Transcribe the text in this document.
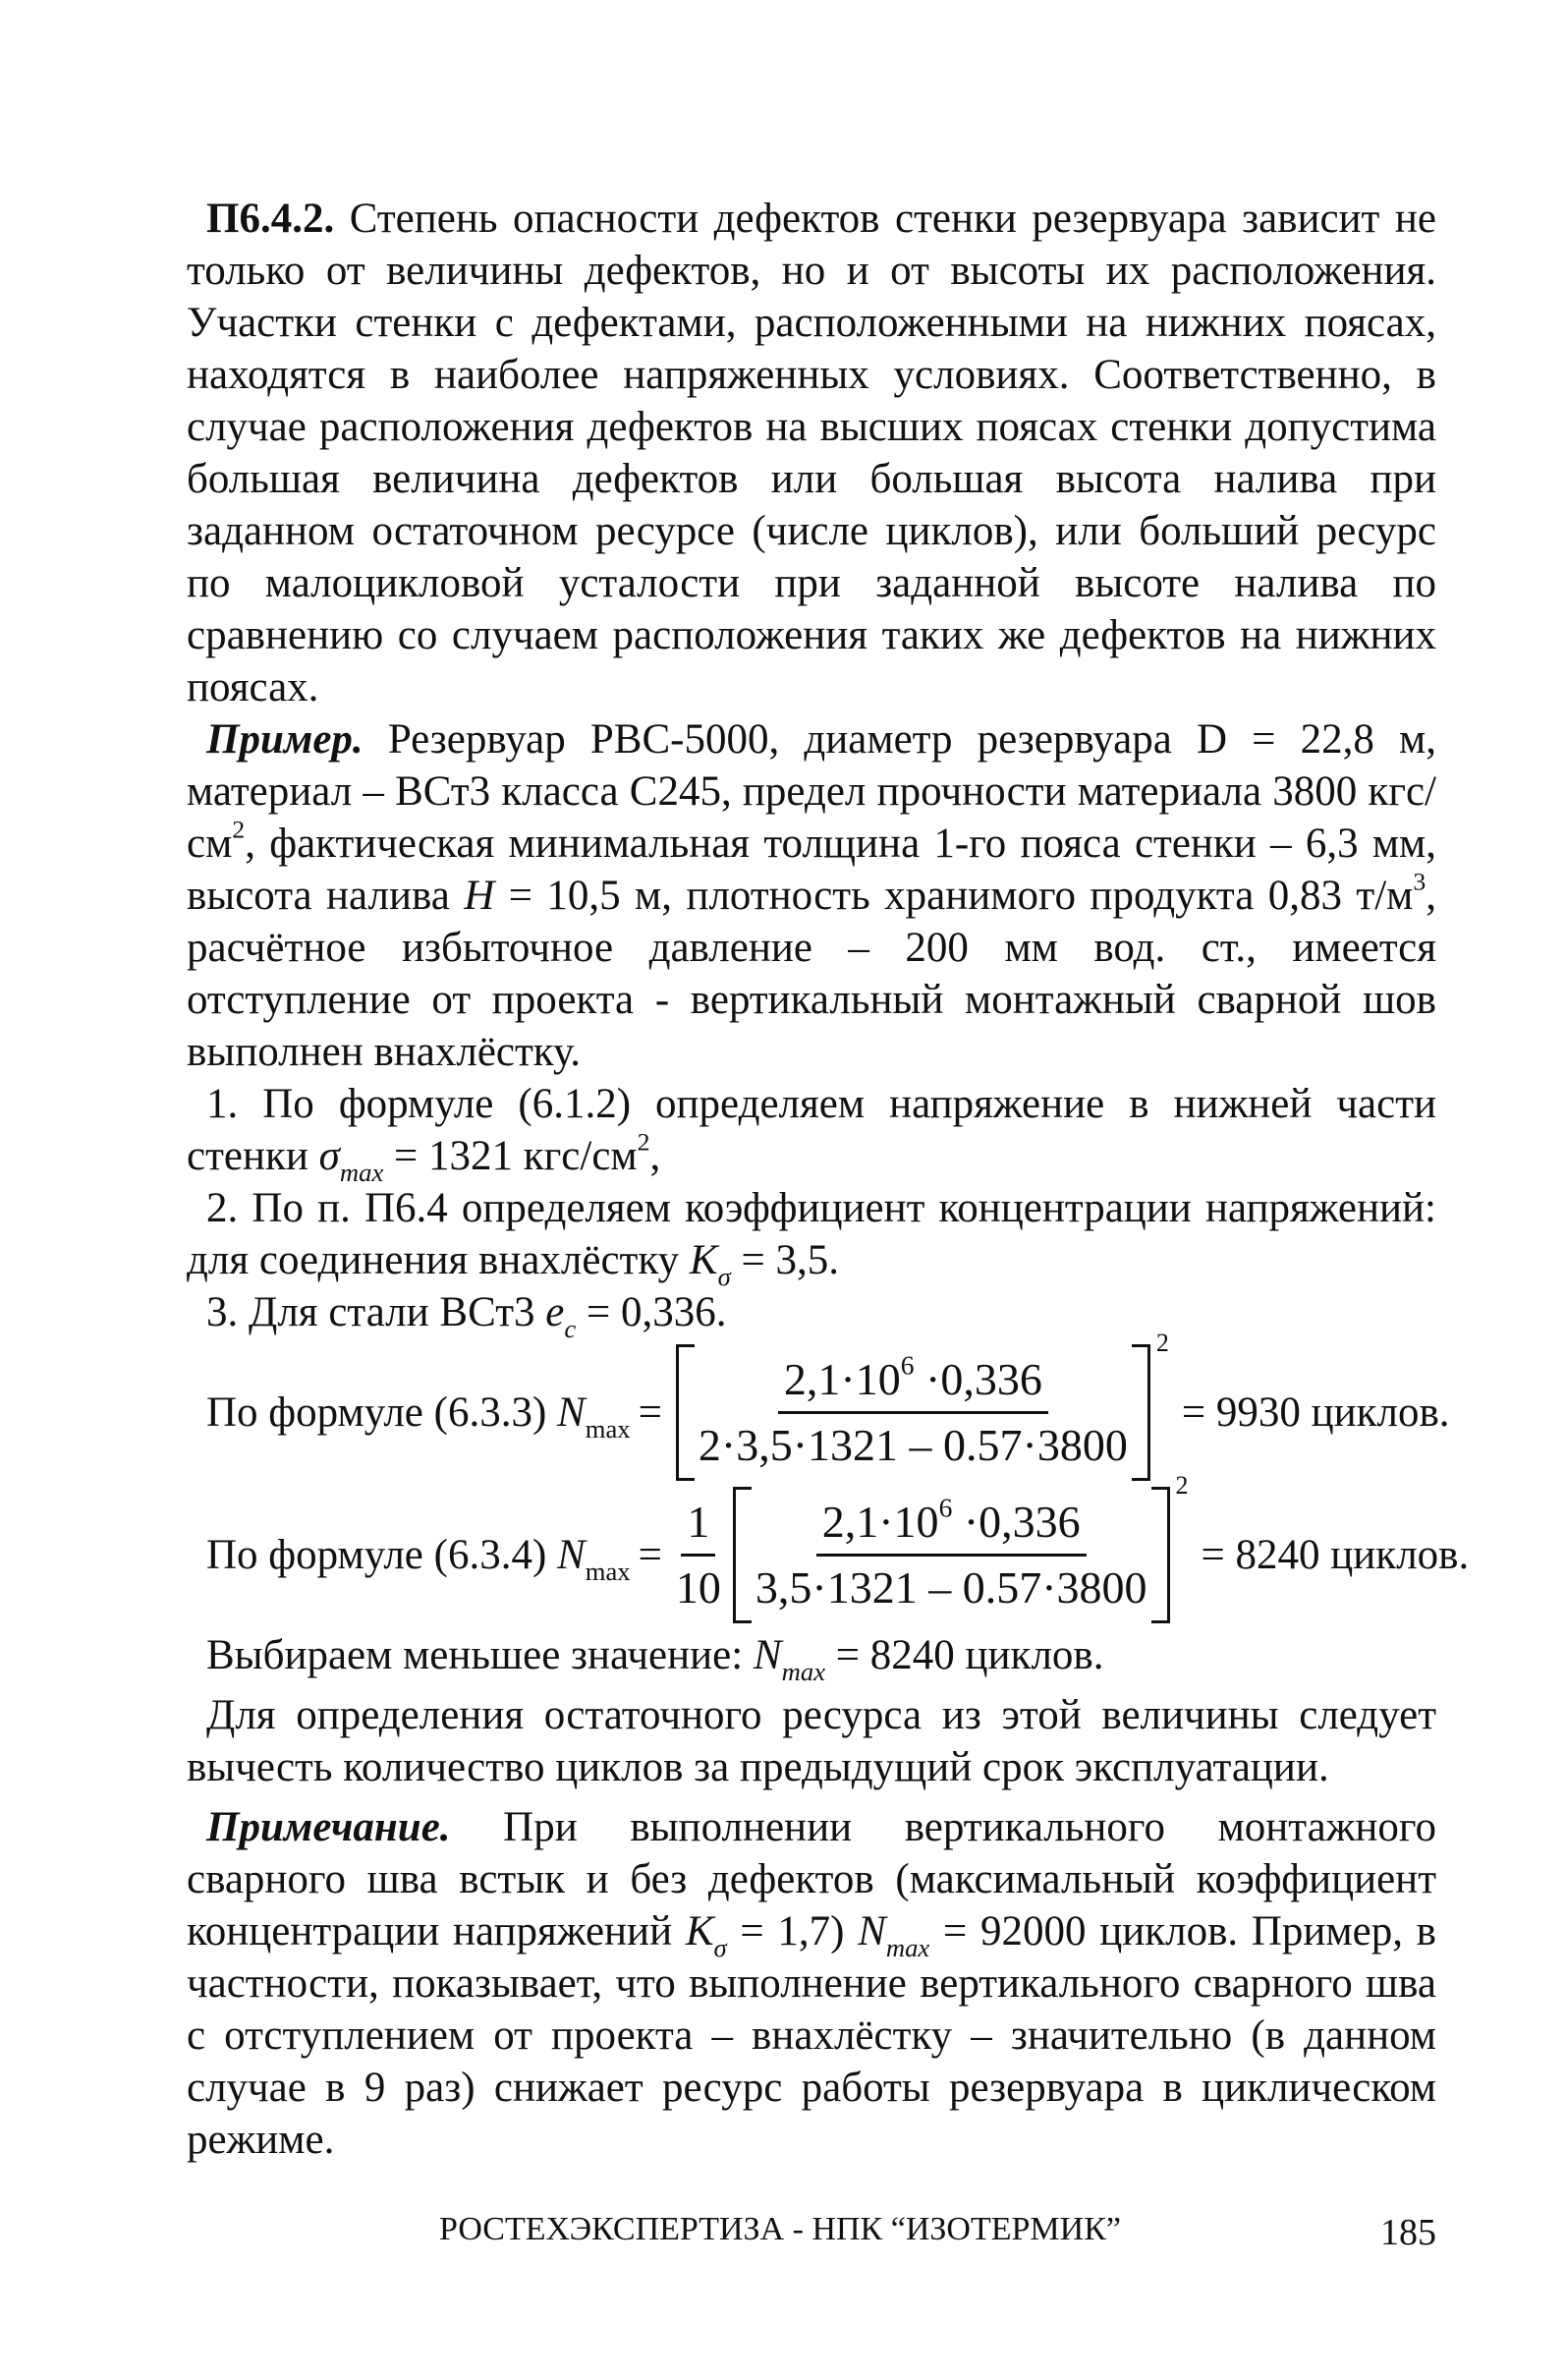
П6.4.2. Степень опасности дефектов стенки резервуара зависит не только от величины дефектов, но и от высоты их расположения. Участки стенки с дефектами, расположенными на нижних поясах, находятся в наиболее напряженных условиях. Соответственно, в случае расположения дефектов на высших поясах стенки допустима большая величина дефектов или большая высота налива при заданном остаточном ресурсе (числе циклов), или больший ресурс по малоцикловой усталости при заданной высоте налива по сравнению со случаем расположения таких же дефектов на нижних поясах.

Пример. Резервуар РВС-5000, диаметр резервуара D = 22,8 м, материал – ВСт3 класса С245, предел прочности материала 3800 кгс/$см^2$, фактическая минимальная толщина 1-го пояса стенки – 6,3 мм, высота налива H = 10,5 м, плотность хранимого продукта 0,83 $т/м^3$, расчётное избыточное давление – 200 мм вод. ст., имеется отступление от проекта - вертикальный монтажный сварной шов выполнен внахлёстку.

1. По формуле (6.1.2) определяем напряжение в нижней части стенки $\sigma_{max} = 1321$ кгс/$см^2$,

2. По п. П6.4 определяем коэффициент концентрации напряжений: для соединения внахлёстку $K_\sigma = 3,5$.

3. Для стали ВСт3 $e_c = 0,336$.

По формуле (6.3.3) $N_{max} = \frac{2,1\cdot 10^6 \cdot 0,336}{2\cdot 3,5\cdot 1321 - 0.57\cdot 3800}$
2
= 9930 циклов.
По формуле (6.3.4) $N_{max} = \frac{1}{10} \frac{2,1\cdot 10^6 \cdot 0,336}{3,5\cdot 1321 - 0.57\cdot 3800}$
2
= 8240 циклов.

Выбираем меньшее значение: $N_{max} = 8240$ циклов.

Для определения остаточного ресурса из этой величины следует вычесть количество циклов за предыдущий срок эксплуатации.

Примечание. При выполнении вертикального монтажного сварного шва встык и без дефектов (максимальный коэффициент концентрации напряжений $K_\sigma = 1,7$) $N_{max} = 92000$ циклов. Пример, в частности, показывает, что выполнение вертикального сварного шва с отступлением от проекта – внахлёстку – значительно (в данном случае в 9 раз) снижает ресурс работы резервуара в циклическом режиме.

РОСТЕХЭКСПЕРТИЗА - НПК “ИЗОТЕРМИК”	185
